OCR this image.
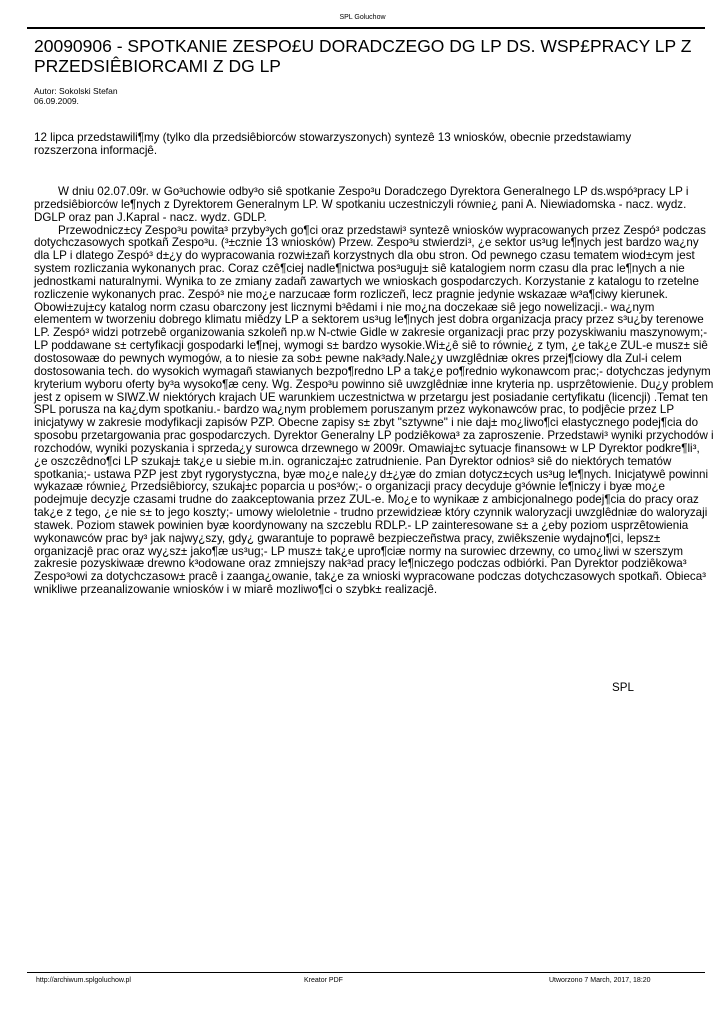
SPL Goluchow
20090906 - SPOTKANIE ZESPO£U DORADCZEGO DG LP DS. WSP£PRACY LP Z PRZEDSIÊBIORCAMI Z DG LP
Autor: Sokolski Stefan
06.09.2009.

12 lipca przedstawili¶my (tylko dla przedsiêbiorców stowarzyszonych) syntezê 13 wniosków, obecnie przedstawiamy rozszerzona informacjê.

W dniu 02.07.09r. w Go³uchowie odby³o siê spotkanie Zespo³u Doradczego Dyrektora Generalnego LP ds.wspó³pracy LP i przedsiêbiorców le¶nych z Dyrektorem Generalnym LP. W spotkaniu uczestniczyli równie¿ pani A. Niewiadomska - nacz. wydz. DGLP oraz pan J.Kapral - nacz. wydz. GDLP.

Przewodnicz±cy Zespo³u powita³ przyby³ych go¶ci oraz przedstawi³ syntezê wniosków wypracowanych przez Zespó³ podczas dotychczasowych spotkañ Zespo³u. (³±cznie 13 wniosków) Przew. Zespo³u stwierdzi³, ¿e sektor us³ug le¶nych jest bardzo wa¿ny dla LP i dlatego Zespó³ d±¿y do wypracowania rozwi±zañ korzystnych dla obu stron. Od pewnego czasu tematem wiod±cym jest system rozliczania wykonanych prac. Coraz czê¶ciej nadle¶nictwa pos³uguj± siê katalogiem norm czasu dla prac le¶nych a nie jednostkami naturalnymi. Wynika to ze zmiany zadañ zawartych we wnioskach gospodarczych. Korzystanie z katalogu to rzetelne rozliczenie wykonanych prac. Zespó³ nie mo¿e narzucaæ form rozliczeñ, lecz pragnie jedynie wskazaæ w³a¶ciwy kierunek. Obowi±zuj±cy katalog norm czasu obarczony jest licznymi b³êdami i nie mo¿na doczekaæ siê jego nowelizacji.- wa¿nym elementem w tworzeniu dobrego klimatu miêdzy LP a sektorem us³ug le¶nych jest dobra organizacja pracy przez s³u¿by terenowe LP. Zespó³ widzi potrzebê organizowania szkoleñ np.w N-ctwie Gidle w zakresie organizacji prac przy pozyskiwaniu maszynowym;- LP poddawane s± certyfikacji gospodarki le¶nej, wymogi s± bardzo wysokie.Wi±¿ê siê to równie¿ z tym, ¿e tak¿e ZUL-e musz± siê dostosowaæ do pewnych wymogów, a to niesie za sob± pewne nak³ady.Nale¿y uwzglêdniæ okres przej¶ciowy dla Zul-i celem dostosowania tech. do wysokich wymagañ stawianych bezpo¶redno LP a tak¿e po¶rednio wykonawcom prac;- dotychczas jedynym kryterium wyboru oferty by³a wysoko¶æ ceny. Wg. Zespo³u powinno siê uwzglêdniæ inne kryteria np. usprzêtowienie. Du¿y problem jest z opisem w SIWZ.W niektórych krajach UE warunkiem uczestnictwa w przetargu jest posiadanie certyfikatu (licencji) .Temat ten SPL porusza na ka¿dym spotkaniu.- bardzo wa¿nym problemem poruszanym przez wykonawców prac, to podjêcie przez LP inicjatywy w zakresie modyfikacji zapisów PZP. Obecne zapisy s± zbyt "sztywne" i nie daj± mo¿liwo¶ci elastycznego podej¶cia do sposobu przetargowania prac gospodarczych. Dyrektor Generalny LP podziêkowa³ za zaproszenie. Przedstawi³ wyniki przychodów i rozchodów, wyniki pozyskania i sprzeda¿y surowca drzewnego w 2009r. Omawiaj±c sytuacje finansow± w LP Dyrektor podkre¶li³, ¿e oszczêdno¶ci LP szukaj± tak¿e u siebie m.in. ograniczaj±c zatrudnienie. Pan Dyrektor odnios³ siê do niektórych tematów spotkania;- ustawa PZP jest zbyt rygorystyczna, byæ mo¿e nale¿y d±¿yæ do zmian dotycz±cych us³ug le¶nych. Inicjatywê powinni wykazaæ równie¿ Przedsiêbiorcy, szukaj±c poparcia u pos³ów;- o organizacji pracy decyduje g³ównie le¶niczy i byæ mo¿e podejmuje decyzje czasami trudne do zaakceptowania przez ZUL-e. Mo¿e to wynikaæ z ambicjonalnego podej¶cia do pracy oraz tak¿e z tego, ¿e nie s± to jego koszty;- umowy wieloletnie - trudno przewidzieæ który czynnik waloryzacji uwzglêdniæ do waloryzaji stawek. Poziom stawek powinien byæ koordynowany na szczeblu RDLP.- LP zainteresowane s± a ¿eby poziom usprzêtowienia wykonawców prac by³ jak najwy¿szy, gdy¿ gwarantuje to poprawê bezpieczeñstwa pracy, zwiêkszenie wydajno¶ci, lepsz± organizacjê prac oraz wy¿sz± jako¶æ us³ug;- LP musz± tak¿e upro¶ciæ normy na surowiec drzewny, co umo¿liwi w szerszym zakresie pozyskiwaæ drewno k³odowane oraz zmniejszy nak³ad pracy le¶niczego podczas odbiórki. Pan Dyrektor podziêkowa³ Zespo³owi za dotychczasow± pracê i zaanga¿owanie, tak¿e za wnioski wypracowane podczas dotychczasowych spotkañ. Obieca³ wnikliwe przeanalizowanie wniosków i w miarê mozliwo¶ci o szybk± realizacjê.

SPL
http://archiwum.splgoluchow.pl	Kreator PDF	Utworzono 7 March, 2017, 18:20
